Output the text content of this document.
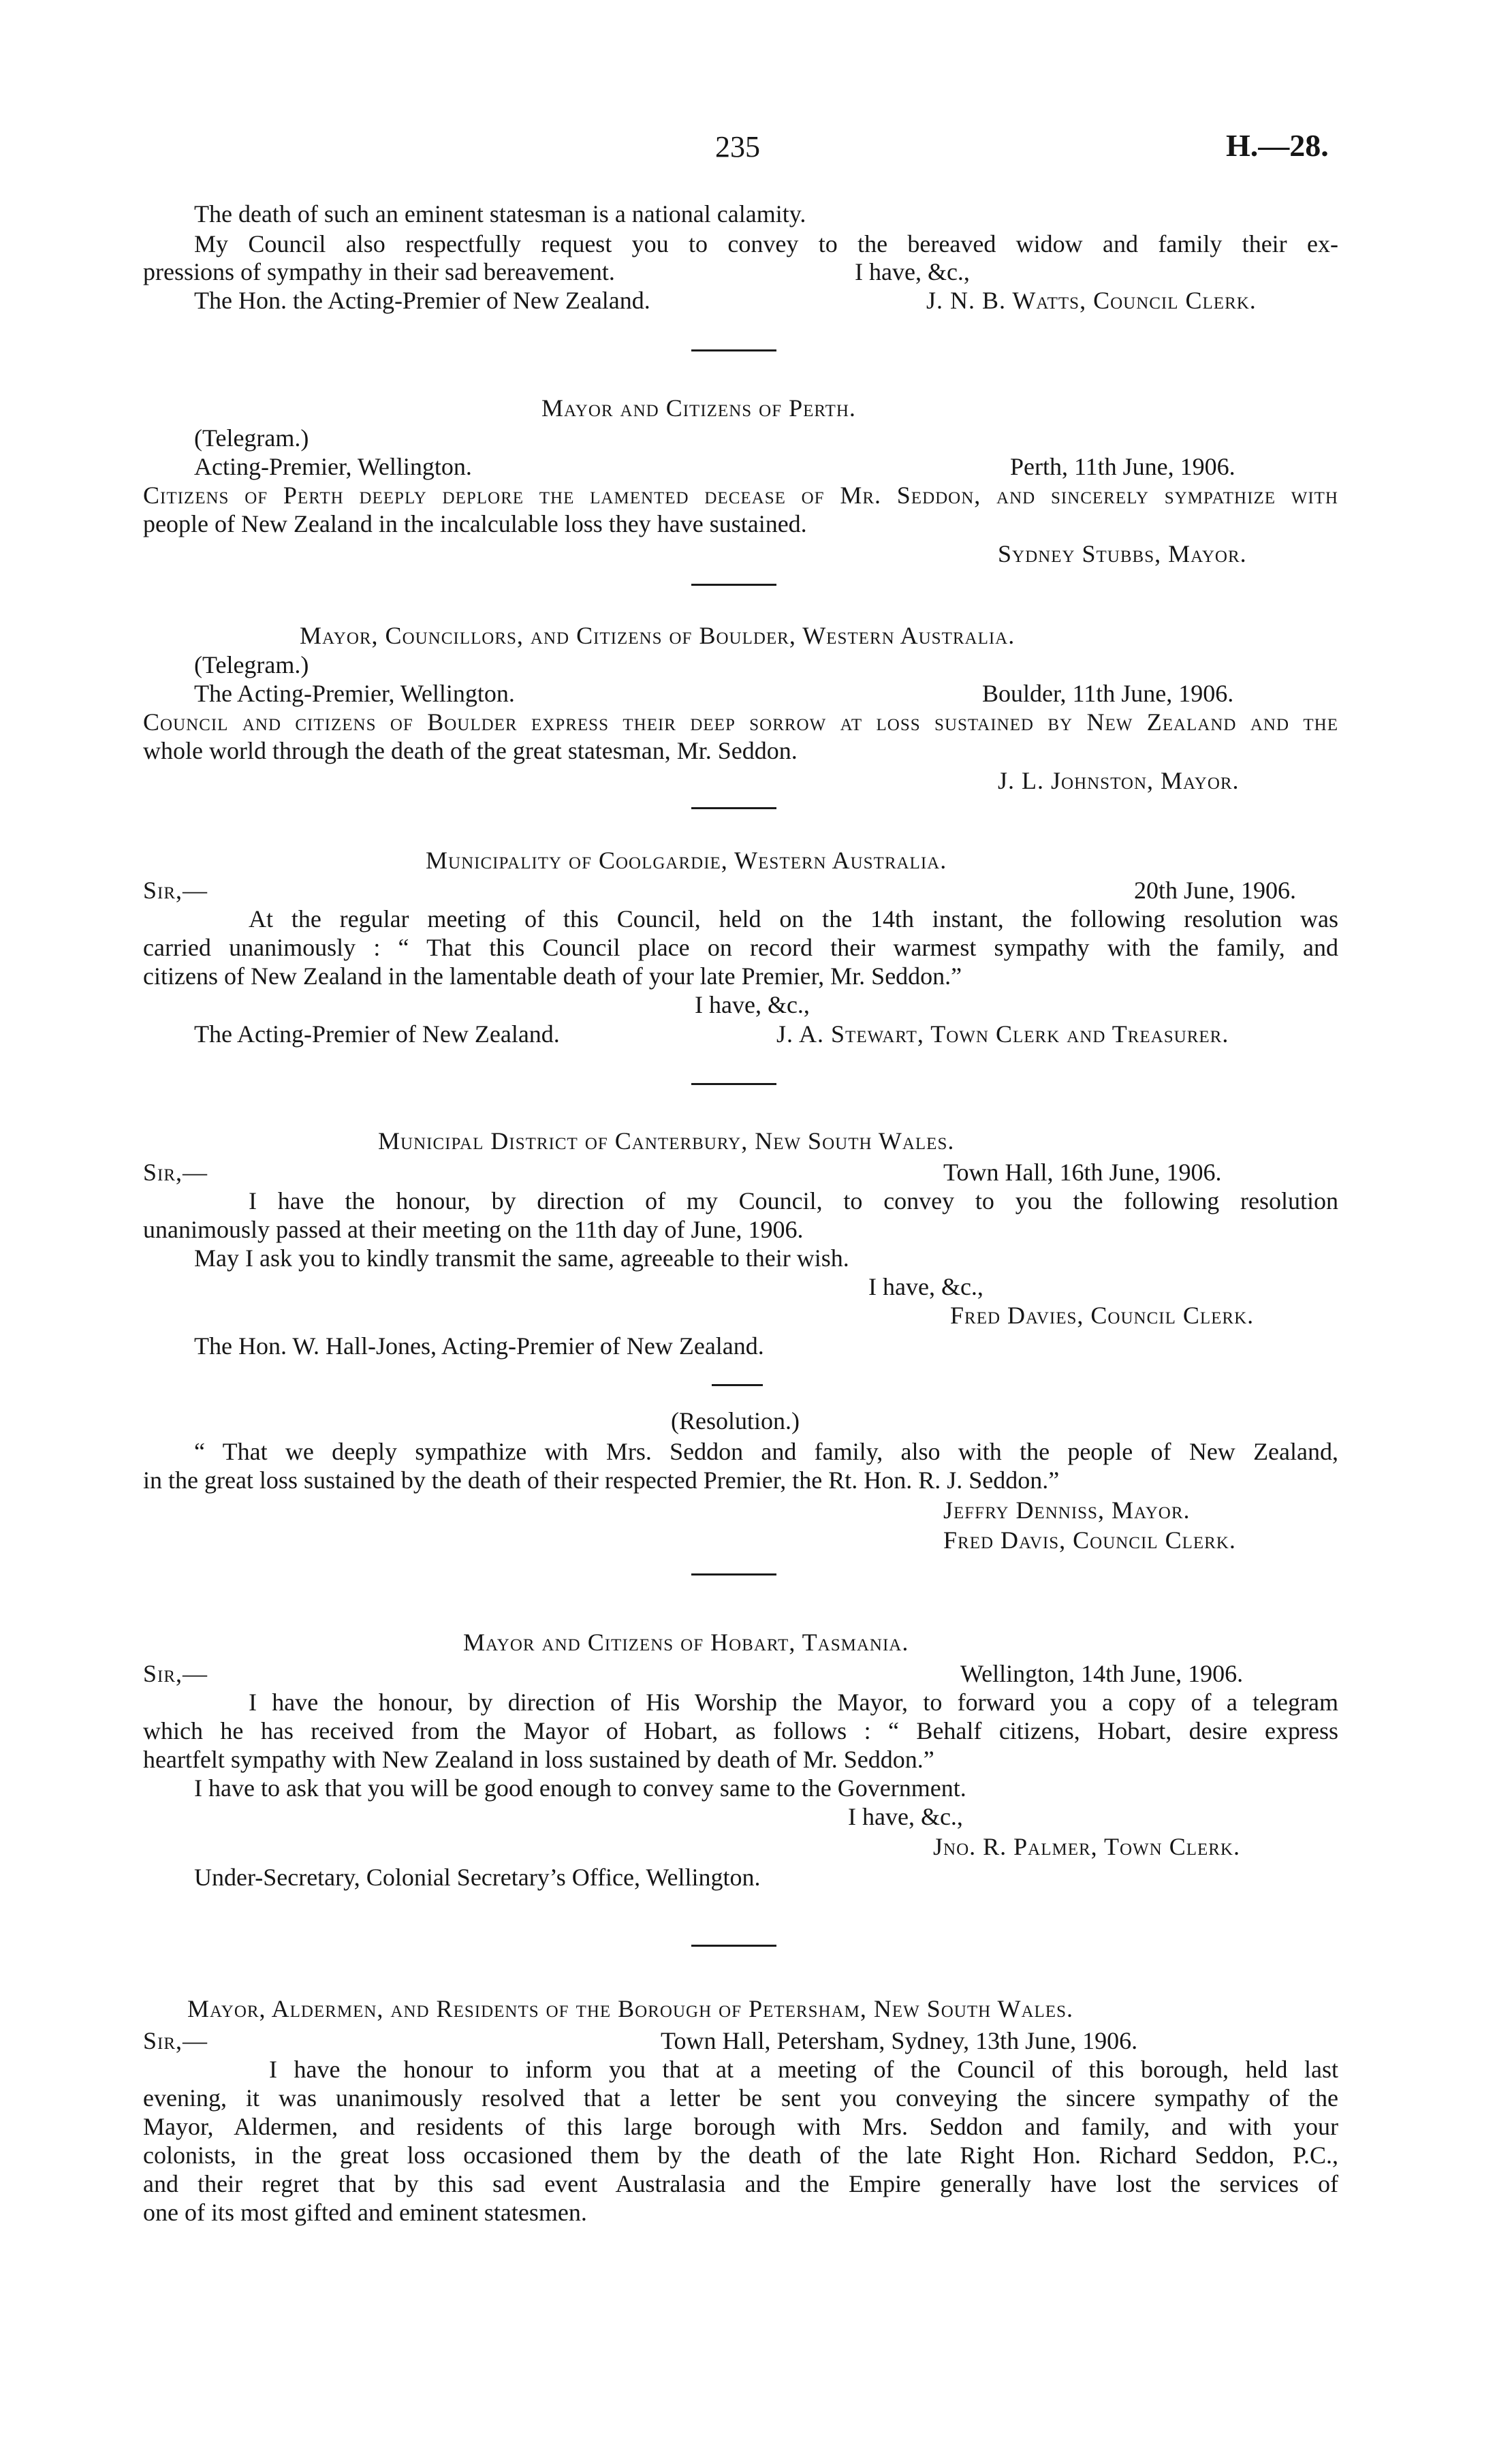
235	H.—28.
The death of such an eminent statesman is a national calamity.
My Council also respectfully request you to convey to the bereaved widow and family their ex-
pressions of sympathy in their sad bereavement.	I have, &c.,
The Hon. the Acting-Premier of New Zealand.	J. N. B. Watts, Council Clerk.
Mayor and Citizens of Perth.
(Telegram.)
Acting-Premier, Wellington.	Perth, 11th June, 1906.
Citizens of Perth deeply deplore the lamented decease of Mr. Seddon, and sincerely sympathize with
people of New Zealand in the incalculable loss they have sustained.
Sydney Stubbs, Mayor.
Mayor, Councillors, and Citizens of Boulder, Western Australia.
(Telegram.)
The Acting-Premier, Wellington.	Boulder, 11th June, 1906.
Council and citizens of Boulder express their deep sorrow at loss sustained by New Zealand and the
whole world through the death of the great statesman, Mr. Seddon.
J. L. Johnston, Mayor.
Municipality of Coolgardie, Western Australia.
Sir,—	20th June, 1906.
At the regular meeting of this Council, held on the 14th instant, the following resolution was
carried unanimously : “ That this Council place on record their warmest sympathy with the family, and
citizens of New Zealand in the lamentable death of your late Premier, Mr. Seddon.”
I have, &c.,
The Acting-Premier of New Zealand.	J. A. Stewart, Town Clerk and Treasurer.
Municipal District of Canterbury, New South Wales.
Sir,—	Town Hall, 16th June, 1906.
I have the honour, by direction of my Council, to convey to you the following resolution
unanimously passed at their meeting on the 11th day of June, 1906.
May I ask you to kindly transmit the same, agreeable to their wish.
I have, &c.,
Fred Davies, Council Clerk.
The Hon. W. Hall-Jones, Acting-Premier of New Zealand.
(Resolution.)
“ That we deeply sympathize with Mrs. Seddon and family, also with the people of New Zealand,
in the great loss sustained by the death of their respected Premier, the Rt. Hon. R. J. Seddon.”
Jeffry Denniss, Mayor.
Fred Davis, Council Clerk.
Mayor and Citizens of Hobart, Tasmania.
Sir,—	Wellington, 14th June, 1906.
I have the honour, by direction of His Worship the Mayor, to forward you a copy of a telegram
which he has received from the Mayor of Hobart, as follows : “ Behalf citizens, Hobart, desire express
heartfelt sympathy with New Zealand in loss sustained by death of Mr. Seddon.”
I have to ask that you will be good enough to convey same to the Government.
I have, &c.,
Jno. R. Palmer, Town Clerk.
Under-Secretary, Colonial Secretary’s Office, Wellington.
Mayor, Aldermen, and Residents of the Borough of Petersham, New South Wales.
Sir,—	Town Hall, Petersham, Sydney, 13th June, 1906.
I have the honour to inform you that at a meeting of the Council of this borough, held last
evening, it was unanimously resolved that a letter be sent you conveying the sincere sympathy of the
Mayor, Aldermen, and residents of this large borough with Mrs. Seddon and family, and with your
colonists, in the great loss occasioned them by the death of the late Right Hon. Richard Seddon, P.C.,
and their regret that by this sad event Australasia and the Empire generally have lost the services of
one of its most gifted and eminent statesmen.
